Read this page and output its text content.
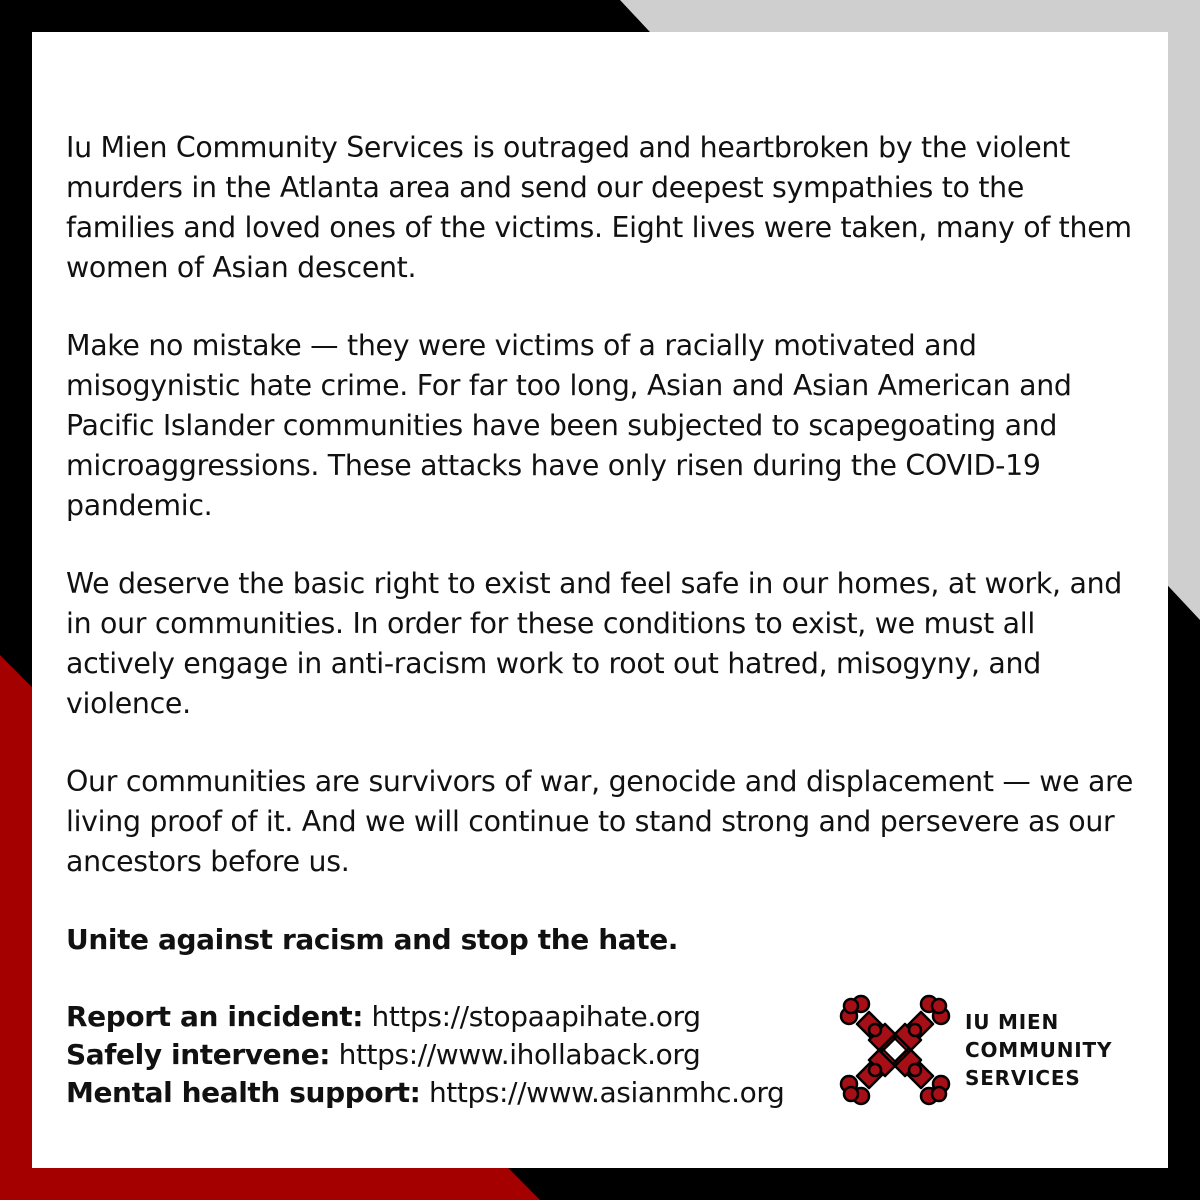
Iu Mien Community Services is outraged and heartbroken by the violent murders in the Atlanta area and send our deepest sympathies to the families and loved ones of the victims. Eight lives were taken, many of them women of Asian descent.

Make no mistake — they were victims of a racially motivated and misogynistic hate crime. For far too long, Asian and Asian American and Pacific Islander communities have been subjected to scapegoating and microaggressions. These attacks have only risen during the COVID-19 pandemic.

We deserve the basic right to exist and feel safe in our homes, at work, and in our communities. In order for these conditions to exist, we must all actively engage in anti-racism work to root out hatred, misogyny, and violence.

Our communities are survivors of war, genocide and displacement — we are living proof of it. And we will continue to stand strong and persevere as our ancestors before us.

Unite against racism and stop the hate.

Report an incident: https://stopaapihate.org
Safely intervene: https://www.ihollaback.org
Mental health support: https://www.asianmhc.org
IU MIEN
COMMUNITY
SERVICES
